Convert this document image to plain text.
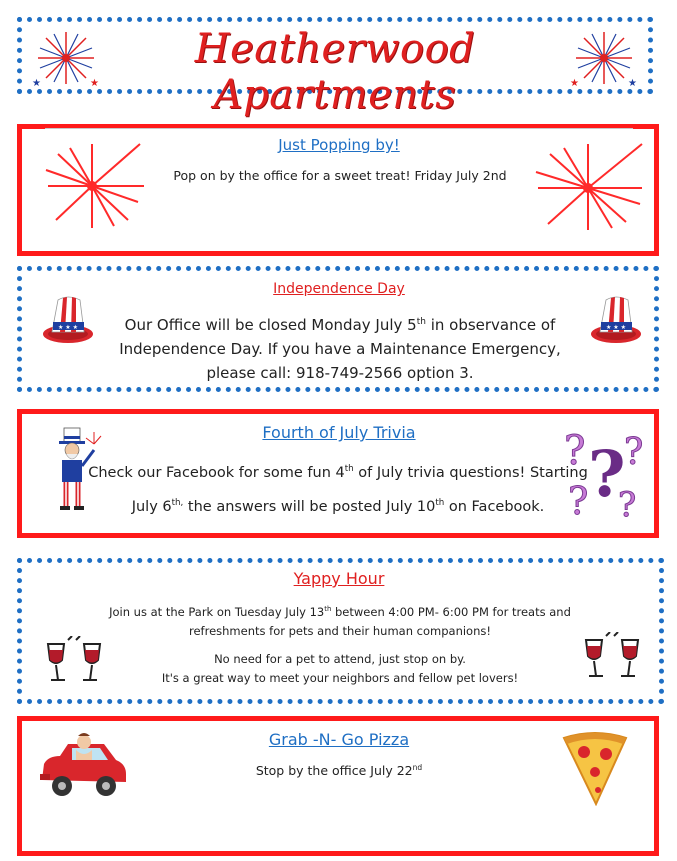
★	★
Heatherwood Apartments	★	★
Just Popping by!
Pop on by the office for a sweet treat! Friday July 2nd
★ ★ ★
Independence Day
Our Office will be closed Monday July 5th in observance of
Independence Day. If you have a Maintenance Emergency,
please call: 918-749-2566 option 3.
★ ★ ★
Fourth of July Trivia
Check our Facebook for some fun 4th of July trivia questions! Starting
July $6^{th,}$ the answers will be posted July 10th on Facebook.
? ?
?
? ?
Yappy Hour
Join us at the Park on Tuesday July 13th between 4:00 PM- 6:00 PM for treats and
refreshments for pets and their human companions!
No need for a pet to attend, just stop on by.
It's a great way to meet your neighbors and fellow pet lovers!
Grab -N- Go Pizza
Stop by the office July 22nd
